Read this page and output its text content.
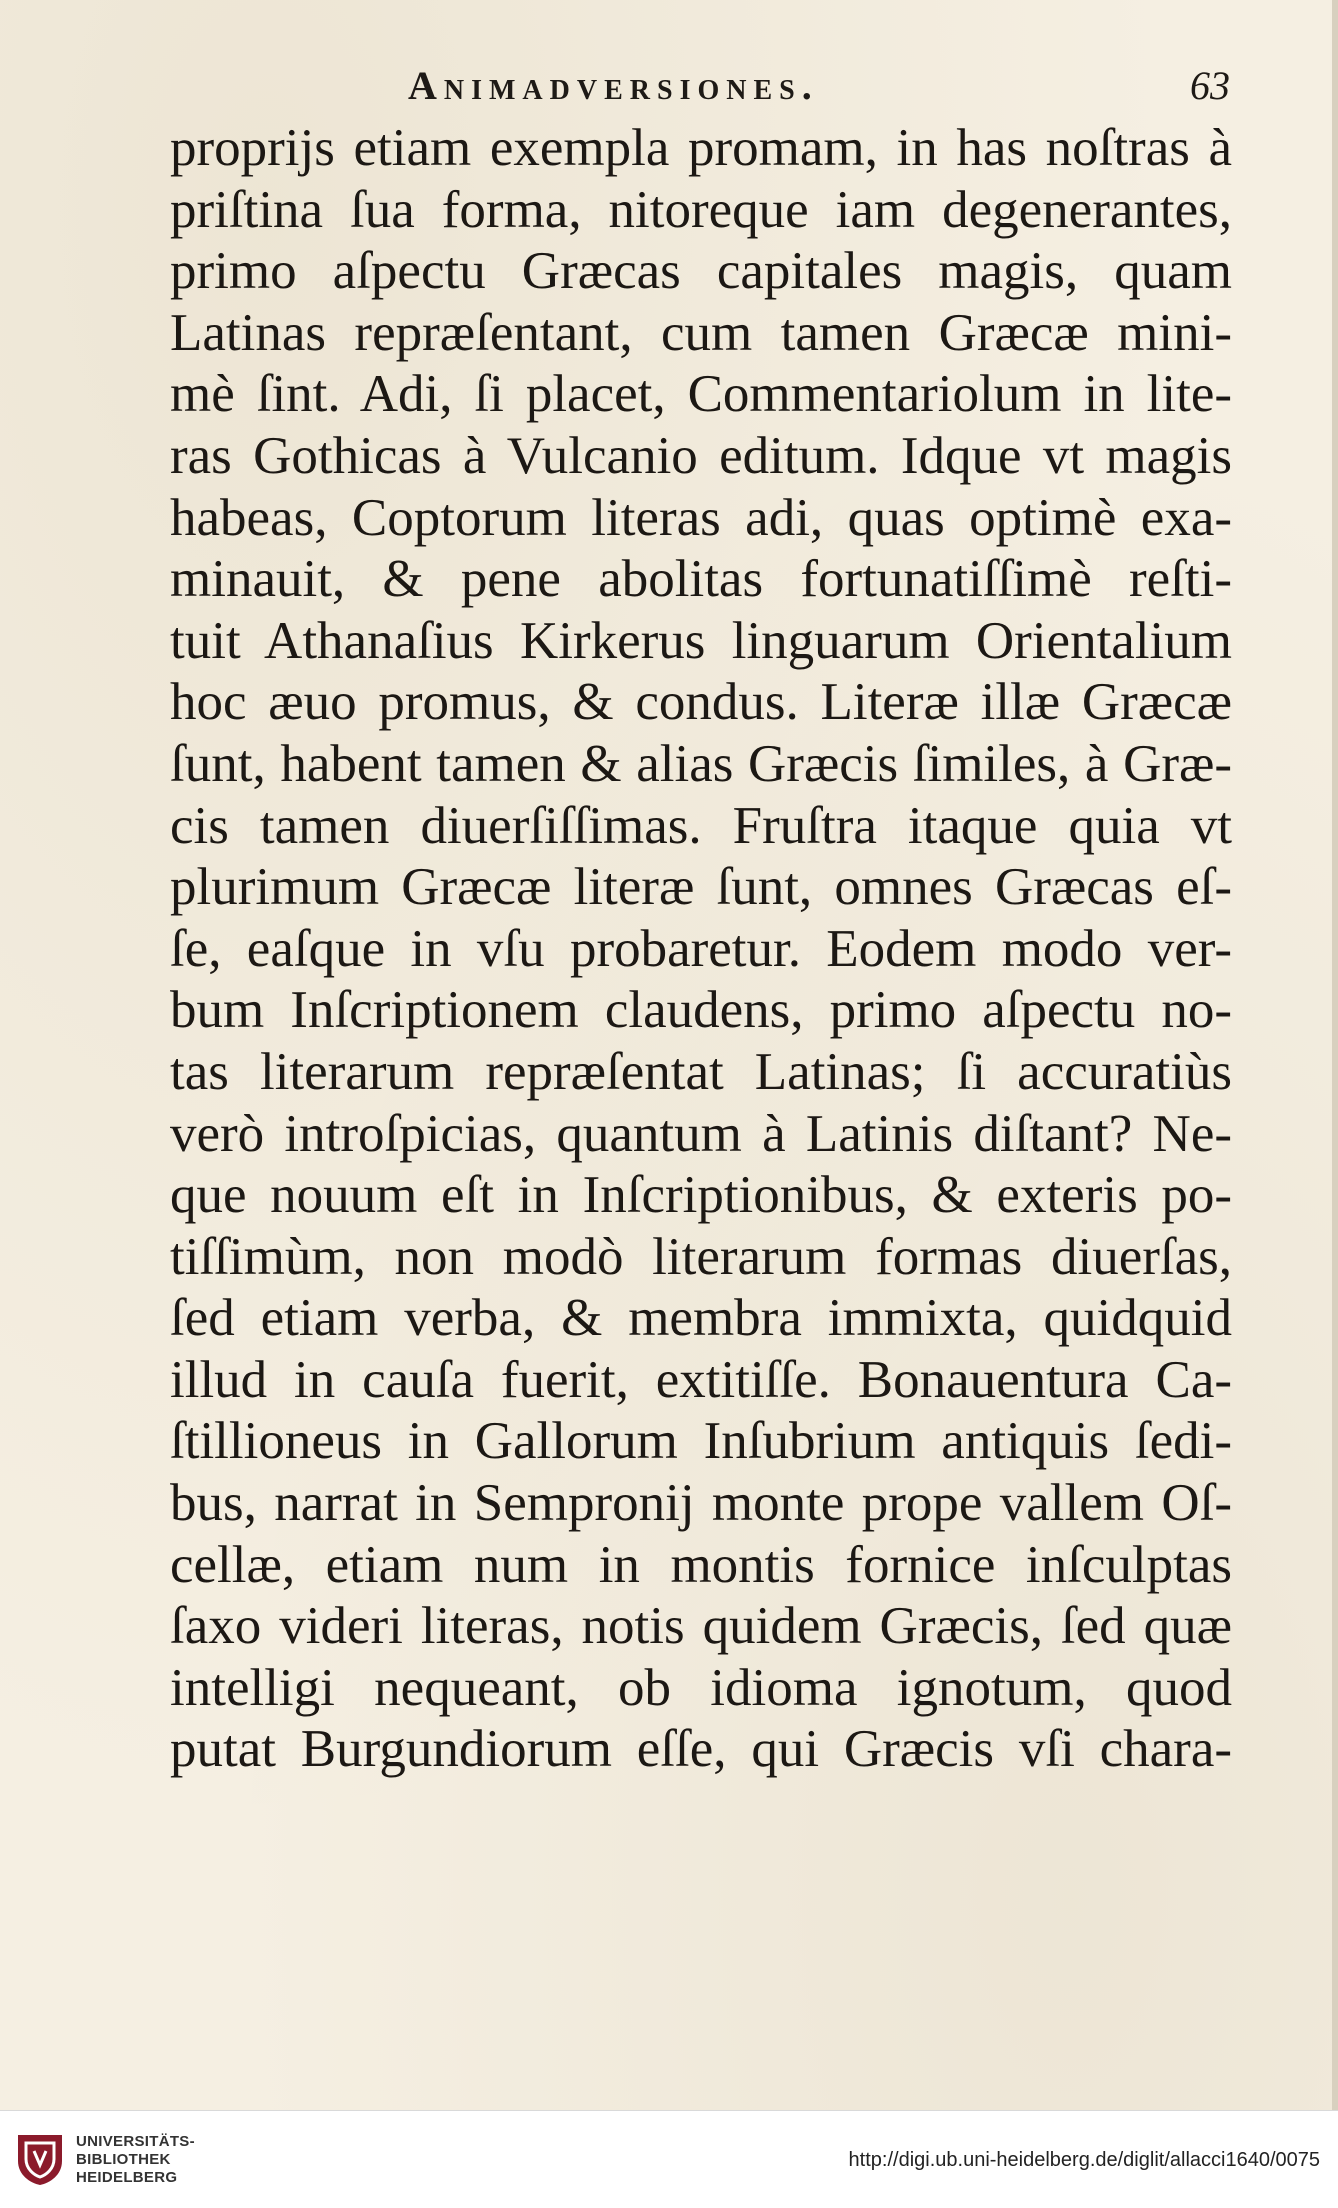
Animadversiones.	63
proprijs etiam exempla promam, in has noſtras à
priſtina ſua forma, nitoreque iam degenerantes,
primo aſpectu Græcas capitales magis, quam
Latinas repræſentant, cum tamen Græcæ mini-
mè ſint. Adi, ſi placet, Commentariolum in lite-
ras Gothicas à Vulcanio editum. Idque vt magis
habeas, Coptorum literas adi, quas optimè exa-
minauit, & pene abolitas fortunatiſſimè reſti-
tuit Athanaſius Kirkerus linguarum Orientalium
hoc æuo promus, & condus. Literæ illæ Græcæ
ſunt, habent tamen & alias Græcis ſimiles, à Græ-
cis tamen diuerſiſſimas. Fruſtra itaque quia vt
plurimum Græcæ literæ ſunt, omnes Græcas eſ-
ſe, eaſque in vſu probaretur. Eodem modo ver-
bum Inſcriptionem claudens, primo aſpectu no-
tas literarum repræſentat Latinas; ſi accuratiùs
verò introſpicias, quantum à Latinis diſtant? Ne-
que nouum eſt in Inſcriptionibus, & exteris po-
tiſſimùm, non modò literarum formas diuerſas,
ſed etiam verba, & membra immixta, quidquid
illud in cauſa fuerit, extitiſſe. Bonauentura Ca-
ſtillioneus in Gallorum Inſubrium antiquis ſedi-
bus, narrat in Sempronij monte prope vallem Oſ-
cellæ, etiam num in montis fornice inſculptas
ſaxo videri literas, notis quidem Græcis, ſed quæ
intelligi nequeant, ob idioma ignotum, quod
putat Burgundiorum eſſe, qui Græcis vſi chara-
UNIVERSITÄTS-
BIBLIOTHEK
HEIDELBERG
http://digi.ub.uni-heidelberg.de/diglit/allacci1640/0075
